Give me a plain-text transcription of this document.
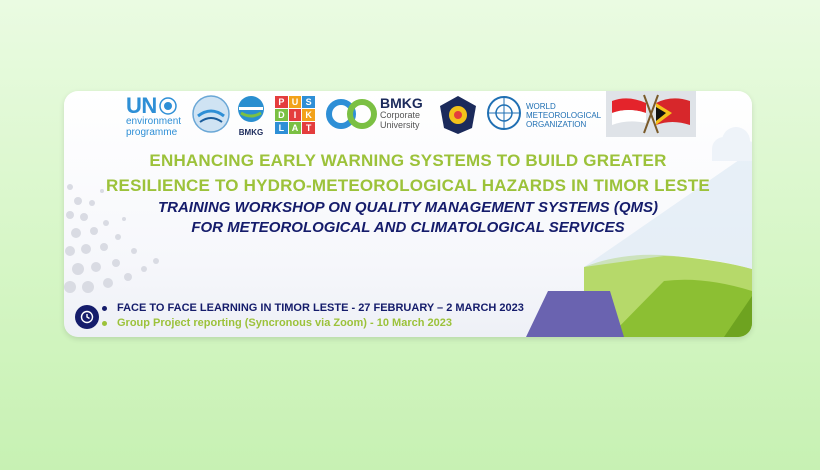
UN
environment
programme	BMKG
P U S
D	I	K
L A T
BMKG
Corporate
University
WORLD
METEOROLOGICAL
ORGANIZATION
ENHANCING EARLY WARNING SYSTEMS TO BUILD GREATER
RESILIENCE TO HYDRO-METEOROLOGICAL HAZARDS IN TIMOR LESTE
TRAINING WORKSHOP ON QUALITY MANAGEMENT SYSTEMS (QMS)
FOR METEOROLOGICAL AND CLIMATOLOGICAL SERVICES
FACE TO FACE LEARNING IN TIMOR LESTE - 27 FEBRUARY – 2 MARCH 2023
Group Project reporting (Syncronous via Zoom) - 10 March 2023
